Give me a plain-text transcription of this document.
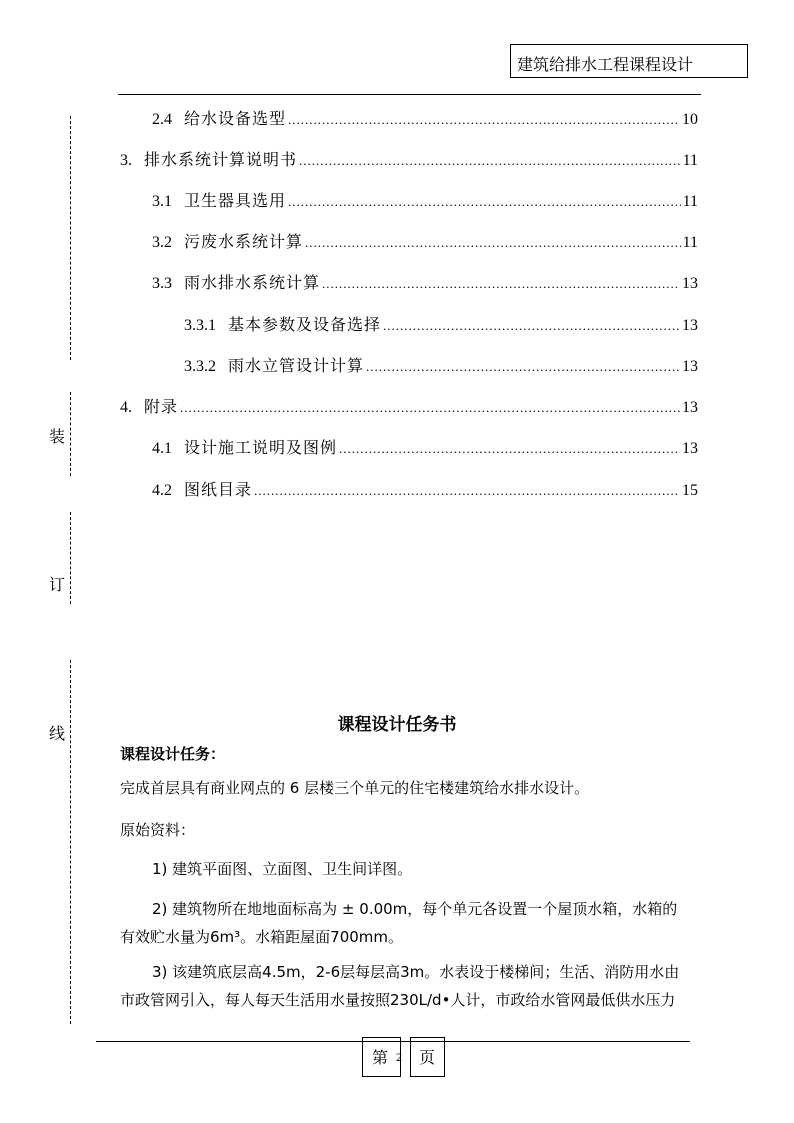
建筑给排水工程课程设计
2.4 给水设备选型 .....	10
3. 排水系统计算说明书 .....	11
3.1 卫生器具选用 .....	11
3.2 污废水系统计算 .....	11
3.3 雨水排水系统计算 .....	13
3.3.1 基本参数及设备选择 .....	13
3.3.2 雨水立管设计计算 .....	13
4. 附录 .....	13
4.1 设计施工说明及图例 .....	13
4.2 图纸目录 .....	15
装
订
线	课程设计任务书
课程设计任务：
完成首层具有商业网点的 6 层楼三个单元的住宅楼建筑给水排水设计。
原始资料：
1) 建筑平面图、立面图、卫生间详图。
2) 建筑物所在地地面标高为 ± 0.00m，每个单元各设置一个屋顶水箱，水箱的
有效贮水量为6m³。水箱距屋面700mm。
3) 该建筑底层高4.5m，2-6层每层高3m。水表设于楼梯间；生活、消防用水由
市政管网引入，每人每天生活用水量按照230L/d•人计，市政给水管网最低供水压力
第 2	页
